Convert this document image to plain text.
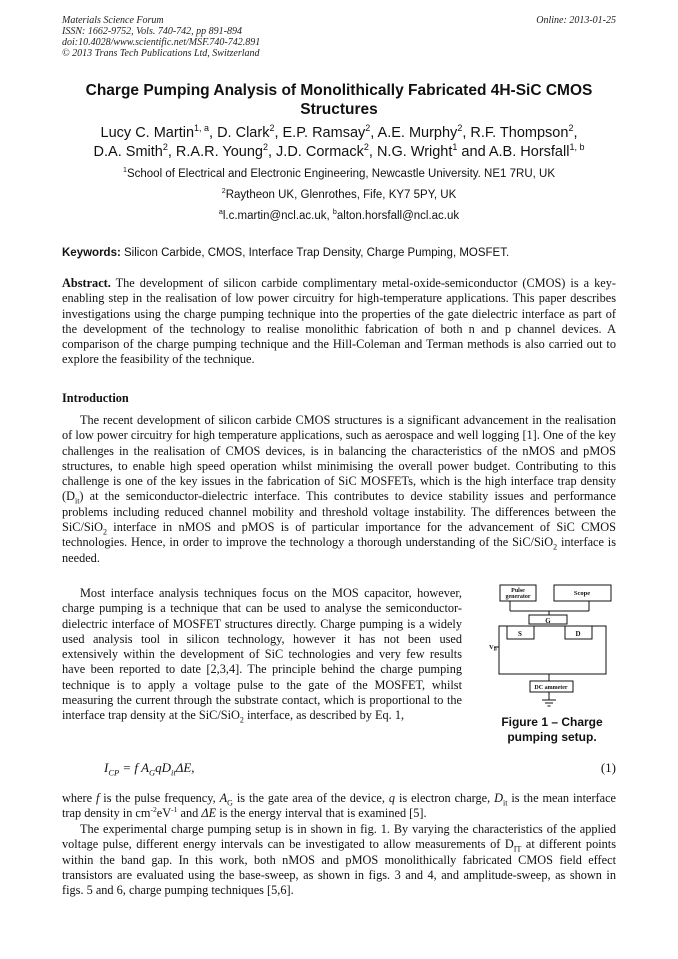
Materials Science Forum
ISSN: 1662-9752, Vols. 740-742, pp 891-894
doi:10.4028/www.scientific.net/MSF.740-742.891
© 2013 Trans Tech Publications Ltd, Switzerland
Online: 2013-01-25
Charge Pumping Analysis of Monolithically Fabricated 4H-SiC CMOS Structures
Lucy C. Martin$^{1, a}$, D. Clark$^2$, E.P. Ramsay$^2$, A.E. Murphy$^2$, R.F. Thompson$^2$,
D.A. Smith$^2$, R.A.R. Young$^2$, J.D. Cormack$^2$, N.G. Wright$^1$ and A.B. Horsfall$^{1, b}$
$^1$School of Electrical and Electronic Engineering, Newcastle University. NE1 7RU, UK
$^2$Raytheon UK, Glenrothes, Fife, KY7 5PY, UK
$^a$l.c.martin@ncl.ac.uk, $^b$alton.horsfall@ncl.ac.uk
Keywords: Silicon Carbide, CMOS, Interface Trap Density, Charge Pumping, MOSFET.

Abstract. The development of silicon carbide complimentary metal-oxide-semiconductor (CMOS) is a key-enabling step in the realisation of low power circuitry for high-temperature applications. This paper describes investigations using the charge pumping technique into the properties of the gate dielectric interface as part of the development of the technology to realise monolithic fabrication of both n and p channel devices. A comparison of the charge pumping technique and the Hill-Coleman and Terman methods is also carried out to explore the feasibility of the technique.

Introduction

The recent development of silicon carbide CMOS structures is a significant advancement in the realisation of low power circuitry for high temperature applications, such as aerospace and well logging [1]. One of the key challenges in the realisation of CMOS devices, is in balancing the characteristics of the nMOS and pMOS structures, to enable high speed operation whilst minimising the overall power budget. Contributing to this challenge is one of the key issues in the fabrication of SiC MOSFETs, which is the high interface trap density $(D_{it})$ at the semiconductor-dielectric interface. This contributes to device stability issues and performance problems including reduced channel mobility and threshold voltage instability. The differences between the SiC/SiO$_2$ interface in nMOS and pMOS is of particular importance for the advancement of SiC CMOS technologies. Hence, in order to improve the technology a thorough understanding of the SiC/SiO$_2$ interface is needed.

Most interface analysis techniques focus on the MOS capacitor, however, charge pumping is a technique that can be used to analyse the semiconductor-dielectric interface of MOSFET structures directly. Charge pumping is a widely used analysis tool in silicon technology, however it has not been used extensively within the development of SiC technologies and very few results have been reported to date [2,3,4]. The principle behind the charge pumping technique is to apply a voltage pulse to the gate of the MOSFET, whilst measuring the current through the substrate contact, which is proportional to the interface trap density at the SiC/SiO$_2$ interface, as described by Eq. 1,

Pulse
generator	Scope
G
S	D
$V_B$
DC ammeter
Figure 1 – Charge pumping setup.
$I_{CP} = f$ $A_GqD_{it}\Delta E$,	(1)

where f is the pulse frequency, $A_G$ is the gate area of the device, q is electron charge, $D_{it}$ is the mean interface trap density in $cm^{-2}eV^{-1}$ and ΔE is the energy interval that is examined [5].

The experimental charge pumping setup is in shown in fig. 1. By varying the characteristics of the applied voltage pulse, different energy intervals can be investigated to allow measurements of $D_{IT}$ at different points within the band gap. In this work, both nMOS and pMOS monolithically fabricated CMOS field effect transistors are evaluated using the base-sweep, as shown in figs. 3 and 4, and amplitude-sweep, as shown in figs. 5 and 6, charge pumping techniques [5,6].
